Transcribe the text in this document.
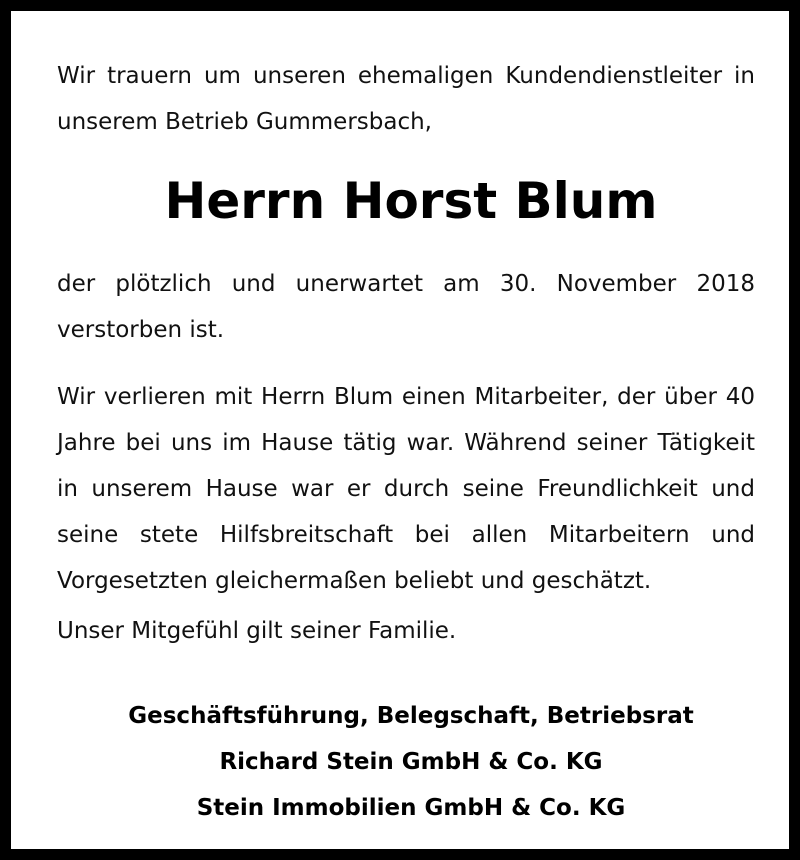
Wir trauern um unseren ehemaligen Kundendienstleiter in unserem Betrieb Gummersbach,

Herrn Horst Blum

der plötzlich und unerwartet am 30. November 2018 verstorben ist.

Wir verlieren mit Herrn Blum einen Mitarbeiter, der über 40 Jahre bei uns im Hause tätig war. Während seiner Tätigkeit in unserem Hause war er durch seine Freundlichkeit und seine stete Hilfsbreitschaft bei allen Mitarbeitern und Vorgesetzten gleichermaßen beliebt und geschätzt.

Unser Mitgefühl gilt seiner Familie.

Geschäftsführung, Belegschaft, Betriebsrat
Richard Stein GmbH & Co. KG
Stein Immobilien GmbH & Co. KG
